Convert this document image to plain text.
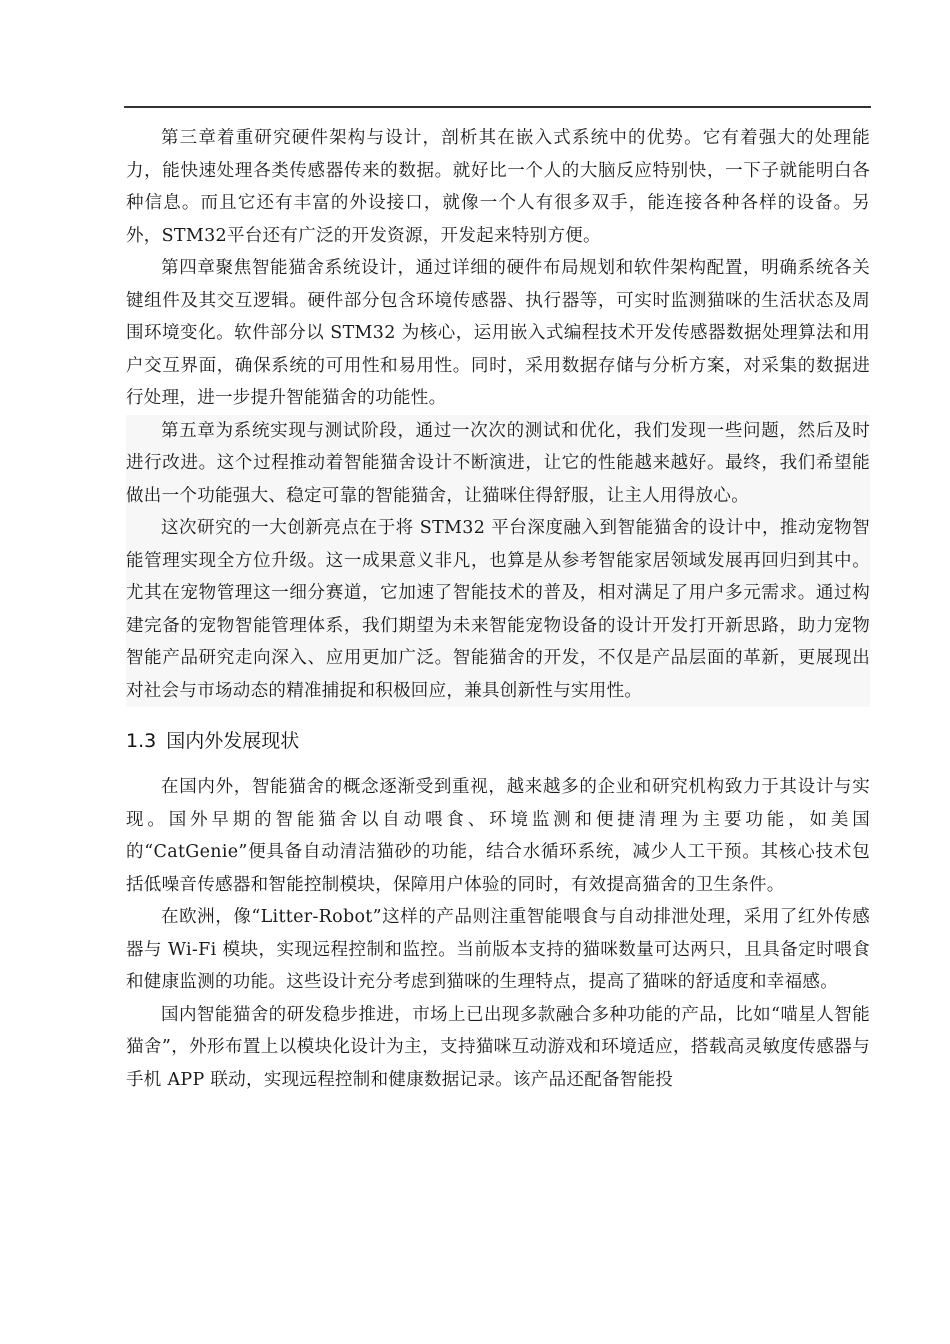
第三章着重研究硬件架构与设计，剖析其在嵌入式系统中的优势。它有着强大的处理能力，能快速处理各类传感器传来的数据。就好比一个人的大脑反应特别快，一下子就能明白各种信息。而且它还有丰富的外设接口，就像一个人有很多双手，能连接各种各样的设备。另外，STM32平台还有广泛的开发资源，开发起来特别方便。

第四章聚焦智能猫舍系统设计，通过详细的硬件布局规划和软件架构配置，明确系统各关键组件及其交互逻辑。硬件部分包含环境传感器、执行器等，可实时监测猫咪的生活状态及周围环境变化。软件部分以 STM32 为核心，运用嵌入式编程技术开发传感器数据处理算法和用户交互界面，确保系统的可用性和易用性。同时，采用数据存储与分析方案，对采集的数据进行处理，进一步提升智能猫舍的功能性。

第五章为系统实现与测试阶段，通过一次次的测试和优化，我们发现一些问题，然后及时进行改进。这个过程推动着智能猫舍设计不断演进，让它的性能越来越好。最终，我们希望能做出一个功能强大、稳定可靠的智能猫舍，让猫咪住得舒服，让主人用得放心。

这次研究的一大创新亮点在于将 STM32 平台深度融入到智能猫舍的设计中，推动宠物智能管理实现全方位升级。这一成果意义非凡，也算是从参考智能家居领域发展再回归到其中。尤其在宠物管理这一细分赛道，它加速了智能技术的普及，相对满足了用户多元需求。通过构建完备的宠物智能管理体系，我们期望为未来智能宠物设备的设计开发打开新思路，助力宠物智能产品研究走向深入、应用更加广泛。智能猫舍的开发，不仅是产品层面的革新，更展现出对社会与市场动态的精准捕捉和积极回应，兼具创新性与实用性。

1.3 国内外发展现状

在国内外，智能猫舍的概念逐渐受到重视，越来越多的企业和研究机构致力于其设计与实现。国外早期的智能猫舍以自动喂食、环境监测和便捷清理为主要功能，如美国的“CatGenie”便具备自动清洁猫砂的功能，结合水循环系统，减少人工干预。其核心技术包括低噪音传感器和智能控制模块，保障用户体验的同时，有效提高猫舍的卫生条件。

在欧洲，像“Litter-Robot”这样的产品则注重智能喂食与自动排泄处理，采用了红外传感器与 Wi-Fi 模块，实现远程控制和监控。当前版本支持的猫咪数量可达两只，且具备定时喂食和健康监测的功能。这些设计充分考虑到猫咪的生理特点，提高了猫咪的舒适度和幸福感。

国内智能猫舍的研发稳步推进，市场上已出现多款融合多种功能的产品，比如“喵星人智能猫舍”，外形布置上以模块化设计为主，支持猫咪互动游戏和环境适应，搭载高灵敏度传感器与手机 APP 联动，实现远程控制和健康数据记录。该产品还配备智能投
